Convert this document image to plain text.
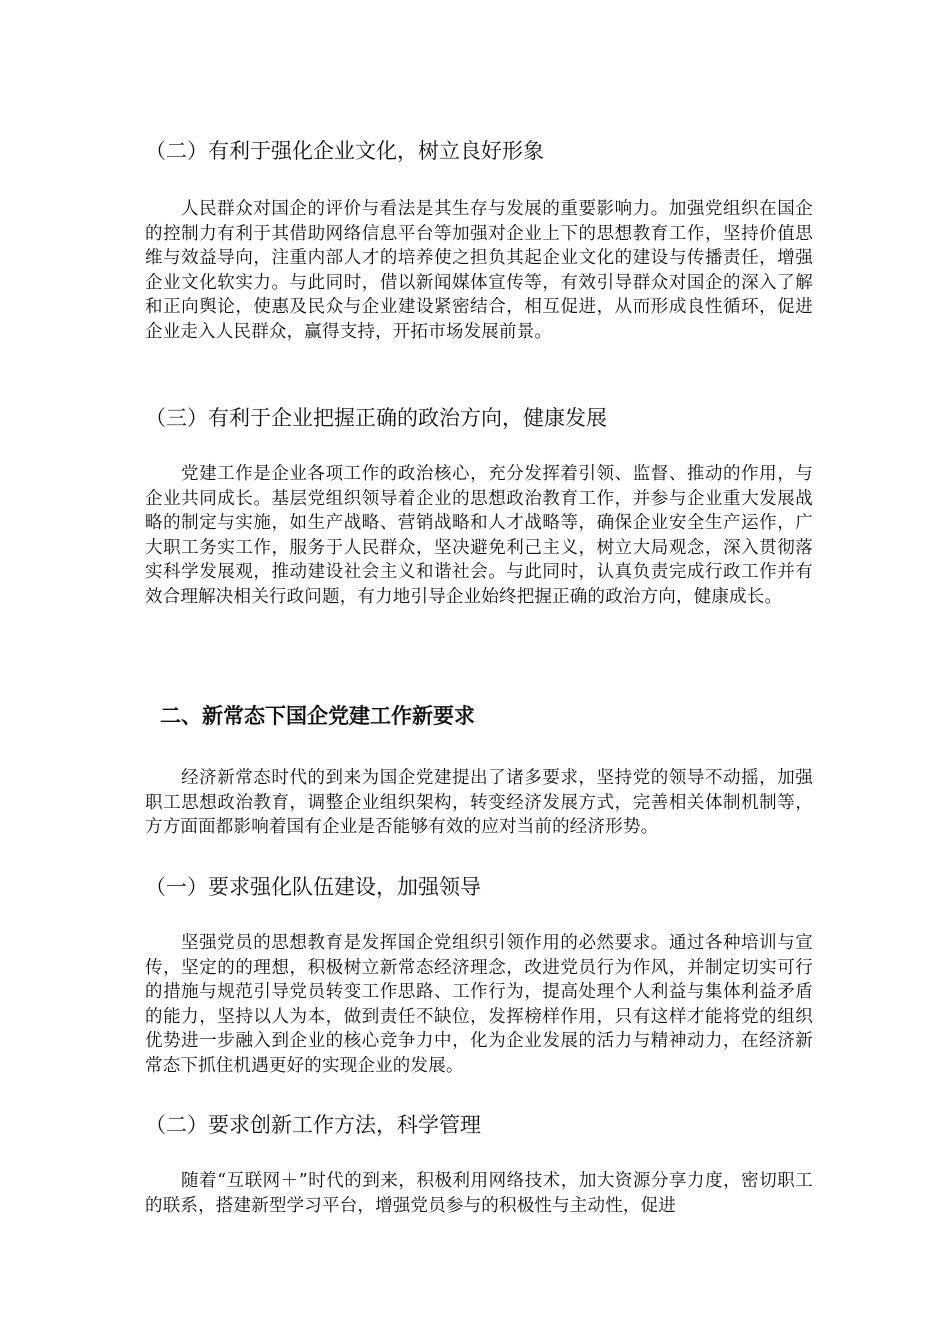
（二）有利于强化企业文化，树立良好形象

人民群众对国企的评价与看法是其生存与发展的重要影响力。加强党组织在国企的控制力有利于其借助网络信息平台等加强对企业上下的思想教育工作，坚持价值思维与效益导向，注重内部人才的培养使之担负其起企业文化的建设与传播责任，增强企业文化软实力。与此同时，借以新闻媒体宣传等，有效引导群众对国企的深入了解和正向舆论，使惠及民众与企业建设紧密结合，相互促进，从而形成良性循环，促进企业走入人民群众，赢得支持，开拓市场发展前景。

（三）有利于企业把握正确的政治方向，健康发展

党建工作是企业各项工作的政治核心，充分发挥着引领、监督、推动的作用，与企业共同成长。基层党组织领导着企业的思想政治教育工作，并参与企业重大发展战略的制定与实施，如生产战略、营销战略和人才战略等，确保企业安全生产运作，广大职工务实工作，服务于人民群众，坚决避免利己主义，树立大局观念，深入贯彻落实科学发展观，推动建设社会主义和谐社会。与此同时，认真负责完成行政工作并有效合理解决相关行政问题，有力地引导企业始终把握正确的政治方向，健康成长。

二、新常态下国企党建工作新要求

经济新常态时代的到来为国企党建提出了诸多要求，坚持党的领导不动摇，加强职工思想政治教育，调整企业组织架构，转变经济发展方式，完善相关体制机制等，方方面面都影响着国有企业是否能够有效的应对当前的经济形势。

（一）要求强化队伍建设，加强领导

坚强党员的思想教育是发挥国企党组织引领作用的必然要求。通过各种培训与宣传，坚定的的理想，积极树立新常态经济理念，改进党员行为作风，并制定切实可行的措施与规范引导党员转变工作思路、工作行为，提高处理个人利益与集体利益矛盾的能力，坚持以人为本，做到责任不缺位，发挥榜样作用，只有这样才能将党的组织优势进一步融入到企业的核心竞争力中，化为企业发展的活力与精神动力，在经济新常态下抓住机遇更好的实现企业的发展。

（二）要求创新工作方法，科学管理

随着“互联网＋”时代的到来，积极利用网络技术，加大资源分享力度，密切职工的联系，搭建新型学习平台，增强党员参与的积极性与主动性，促进
